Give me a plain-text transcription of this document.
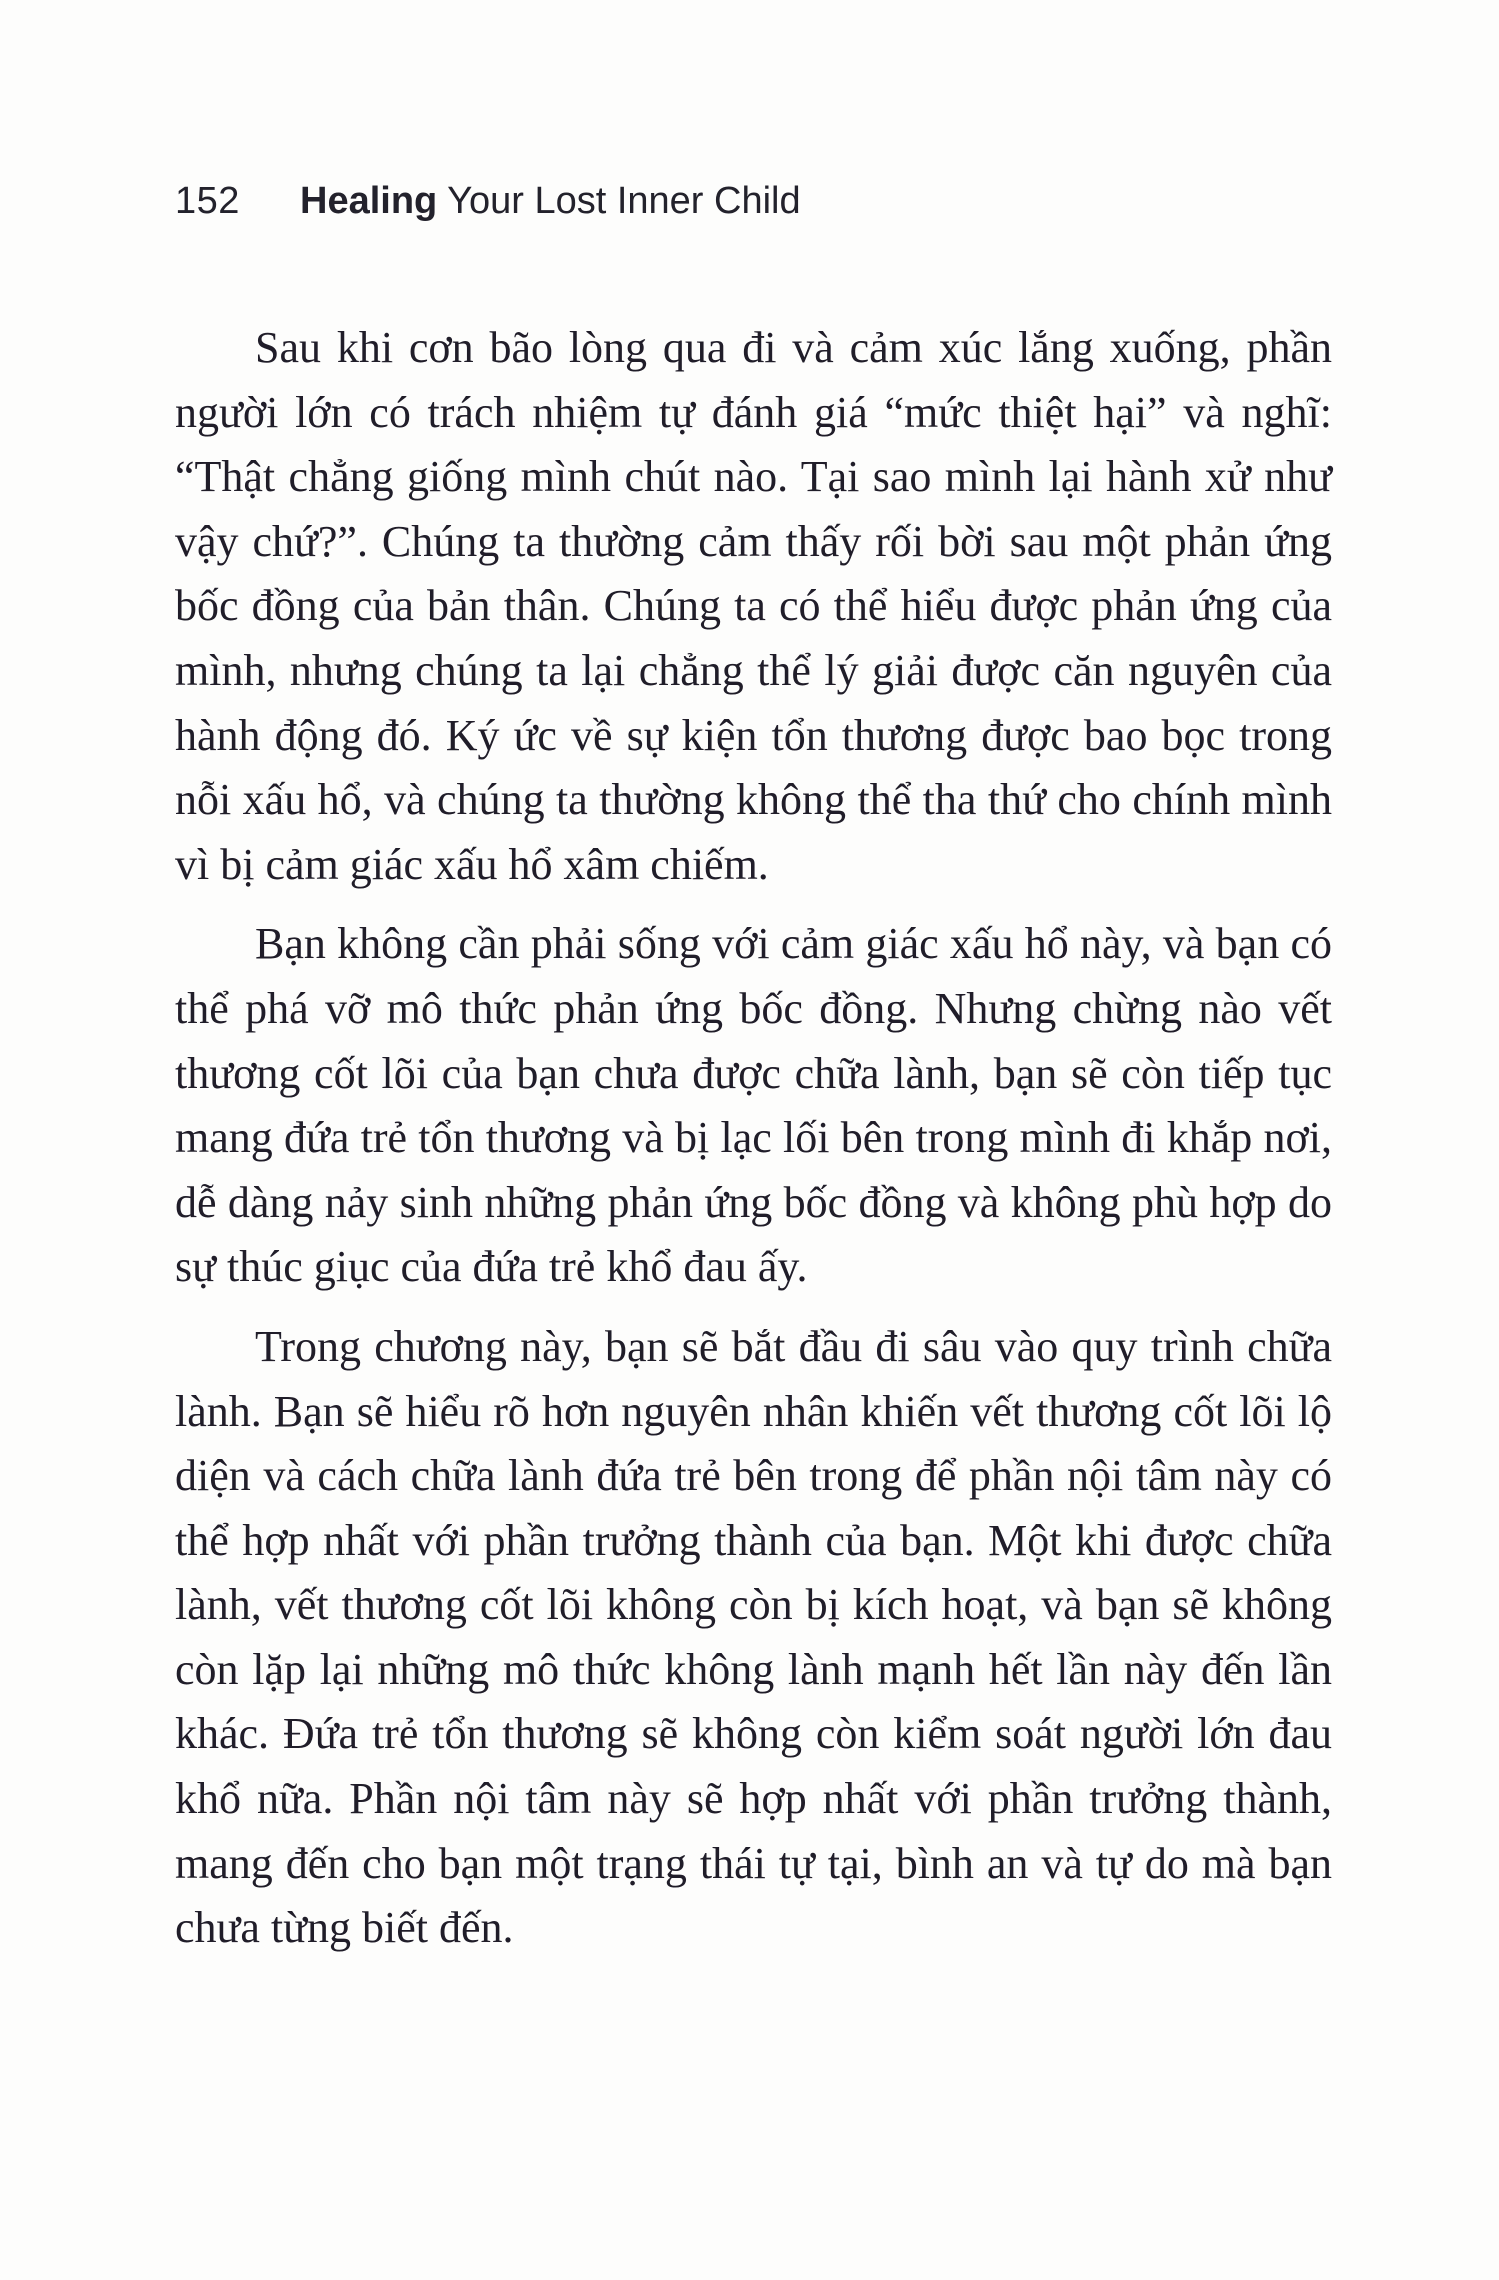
152 Healing Your Lost Inner Child

Sau khi cơn bão lòng qua đi và cảm xúc lắng xuống, phần người lớn có trách nhiệm tự đánh giá “mức thiệt hại” và nghĩ: “Thật chẳng giống mình chút nào. Tại sao mình lại hành xử như vậy chứ?”. Chúng ta thường cảm thấy rối bời sau một phản ứng bốc đồng của bản thân. Chúng ta có thể hiểu được phản ứng của mình, nhưng chúng ta lại chẳng thể lý giải được căn nguyên của hành động đó. Ký ức về sự kiện tổn thương được bao bọc trong nỗi xấu hổ, và chúng ta thường không thể tha thứ cho chính mình vì bị cảm giác xấu hổ xâm chiếm.

Bạn không cần phải sống với cảm giác xấu hổ này, và bạn có thể phá vỡ mô thức phản ứng bốc đồng. Nhưng chừng nào vết thương cốt lõi của bạn chưa được chữa lành, bạn sẽ còn tiếp tục mang đứa trẻ tổn thương và bị lạc lối bên trong mình đi khắp nơi, dễ dàng nảy sinh những phản ứng bốc đồng và không phù hợp do sự thúc giục của đứa trẻ khổ đau ấy.

Trong chương này, bạn sẽ bắt đầu đi sâu vào quy trình chữa lành. Bạn sẽ hiểu rõ hơn nguyên nhân khiến vết thương cốt lõi lộ diện và cách chữa lành đứa trẻ bên trong để phần nội tâm này có thể hợp nhất với phần trưởng thành của bạn. Một khi được chữa lành, vết thương cốt lõi không còn bị kích hoạt, và bạn sẽ không còn lặp lại những mô thức không lành mạnh hết lần này đến lần khác. Đứa trẻ tổn thương sẽ không còn kiểm soát người lớn đau khổ nữa. Phần nội tâm này sẽ hợp nhất với phần trưởng thành, mang đến cho bạn một trạng thái tự tại, bình an và tự do mà bạn chưa từng biết đến.
